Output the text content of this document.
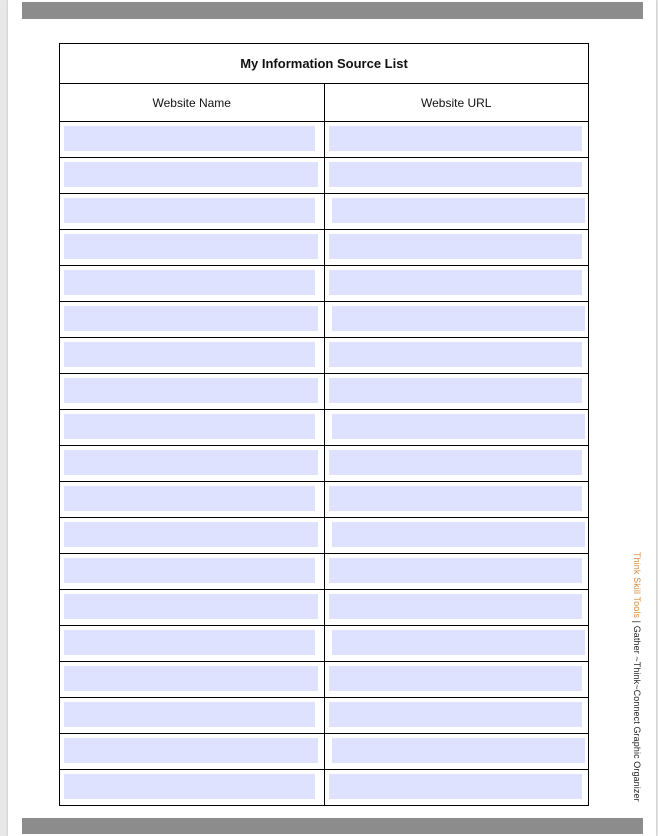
My Information Source List	
Website Name	Website URL

Think Skill Tools | Gather ~Think~Connect Graphic Organizer
